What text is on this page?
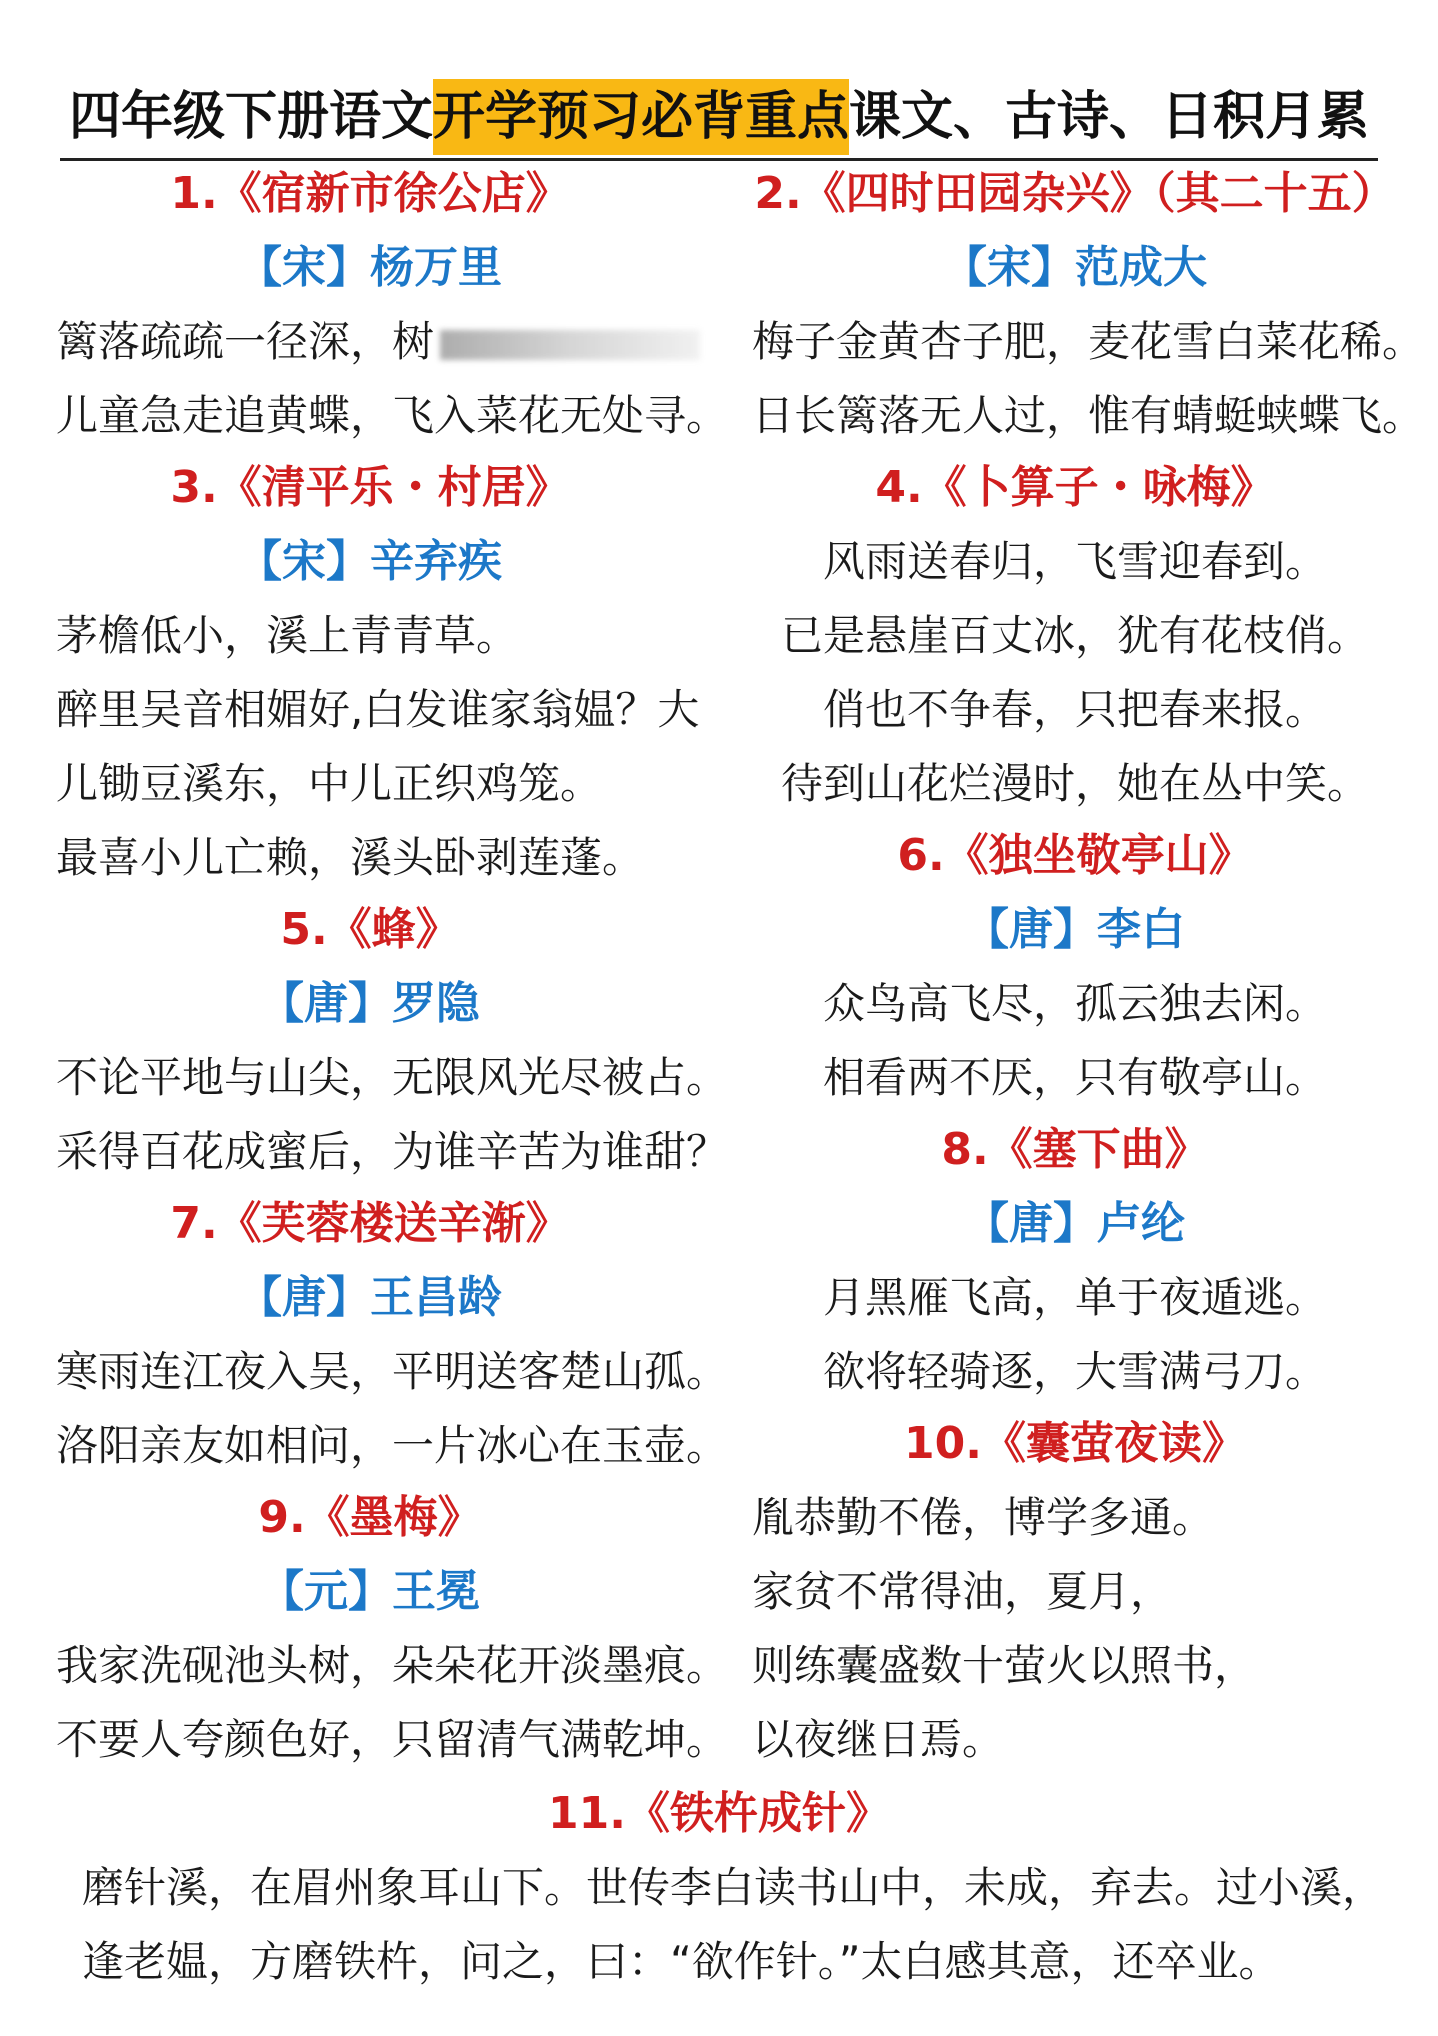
四年级下册语文开学预习必背重点课文、古诗、日积月累
1.《宿新市徐公店》
【宋】杨万里
篱落疏疏一径深，树
儿童急走追黄蝶，飞入菜花无处寻。
3.《清平乐・村居》
【宋】辛弃疾
茅檐低小，溪上青青草。
醉里吴音相媚好,白发谁家翁媪？大
儿锄豆溪东，中儿正织鸡笼。
最喜小儿亡赖，溪头卧剥莲蓬。
5.《蜂》
【唐】罗隐
不论平地与山尖，无限风光尽被占。
采得百花成蜜后，为谁辛苦为谁甜？
7.《芙蓉楼送辛渐》
【唐】王昌龄
寒雨连江夜入吴，平明送客楚山孤。
洛阳亲友如相问，一片冰心在玉壶。
9.《墨梅》
【元】王冕
我家洗砚池头树，朵朵花开淡墨痕。
不要人夸颜色好，只留清气满乾坤。
2.《四时田园杂兴》（其二十五）
【宋】范成大
梅子金黄杏子肥，麦花雪白菜花稀。
日长篱落无人过，惟有蜻蜓蛱蝶飞。
4.《卜算子・咏梅》
风雨送春归，飞雪迎春到。
已是悬崖百丈冰，犹有花枝俏。
俏也不争春，只把春来报。
待到山花烂漫时，她在丛中笑。
6.《独坐敬亭山》
【唐】李白
众鸟高飞尽，孤云独去闲。
相看两不厌，只有敬亭山。
8.《塞下曲》
【唐】卢纶
月黑雁飞高，单于夜遁逃。
欲将轻骑逐，大雪满弓刀。
10.《囊萤夜读》
胤恭勤不倦，博学多通。
家贫不常得油，夏月，
则练囊盛数十萤火以照书，
以夜继日焉。
11.《铁杵成针》
磨针溪，在眉州象耳山下。世传李白读书山中，未成，弃去。过小溪，
逢老媪，方磨铁杵，问之，曰：“欲作针。”太白感其意，还卒业。
